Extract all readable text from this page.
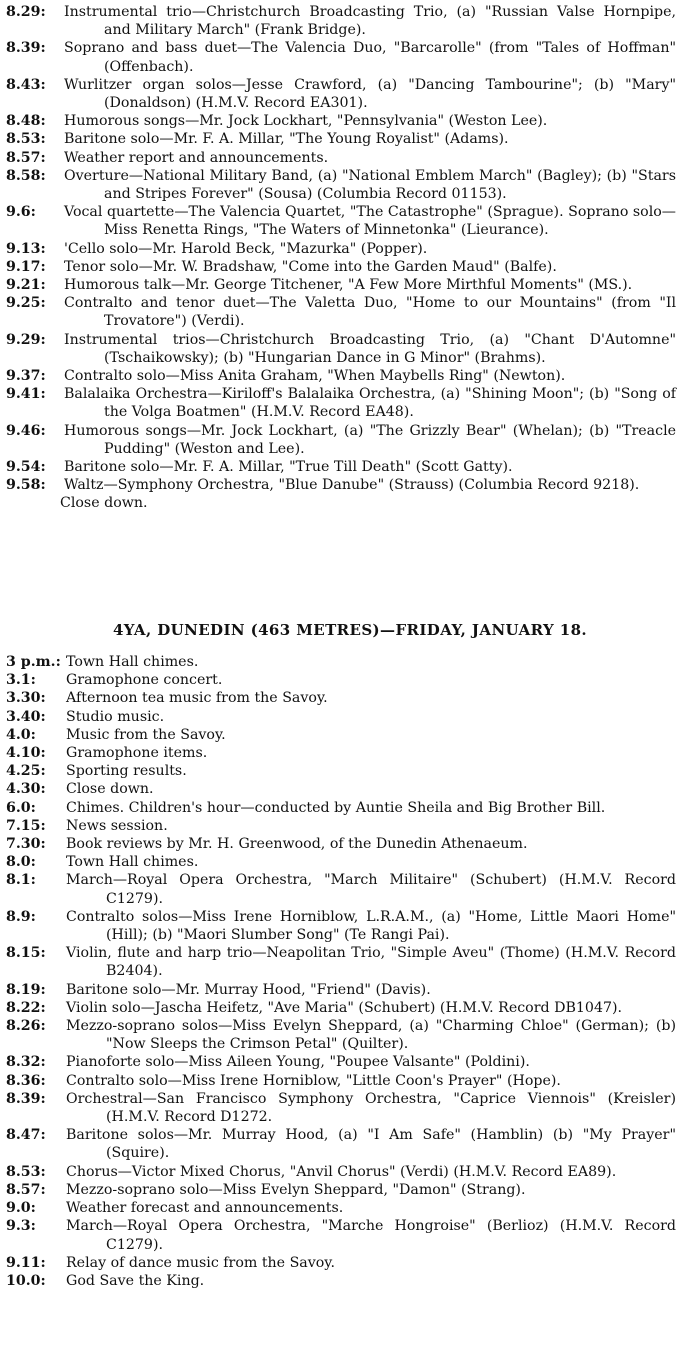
8.29:	Instrumental trio—Christchurch Broadcasting Trio, (a) "Russian Valse Hornpipe, and Military March" (Frank Bridge).
8.39:	Soprano and bass duet—The Valencia Duo, "Barcarolle" (from "Tales of Hoffman" (Offenbach).
8.43:	Wurlitzer organ solos—Jesse Crawford, (a) "Dancing Tambourine"; (b) "Mary" (Donaldson) (H.M.V. Record EA301).
8.48:	Humorous songs—Mr. Jock Lockhart, "Pennsylvania" (Weston Lee).
8.53:	Baritone solo—Mr. F. A. Millar, "The Young Royalist" (Adams).
8.57:	Weather report and announcements.
8.58:	Overture—National Military Band, (a) "National Emblem March" (Bagley); (b) "Stars and Stripes Forever" (Sousa) (Columbia Record 01153).
9.6:	Vocal quartette—The Valencia Quartet, "The Catastrophe" (Sprague). Soprano solo—Miss Renetta Rings, "The Waters of Minnetonka" (Lieurance).
9.13:	'Cello solo—Mr. Harold Beck, "Mazurka" (Popper).
9.17:	Tenor solo—Mr. W. Bradshaw, "Come into the Garden Maud" (Balfe).
9.21:	Humorous talk—Mr. George Titchener, "A Few More Mirthful Moments" (MS.).
9.25:	Contralto and tenor duet—The Valetta Duo, "Home to our Mountains" (from "Il Trovatore") (Verdi).
9.29:	Instrumental trios—Christchurch Broadcasting Trio, (a) "Chant D'Automne" (Tschaikowsky); (b) "Hungarian Dance in G Minor" (Brahms).
9.37:	Contralto solo—Miss Anita Graham, "When Maybells Ring" (Newton).
9.41:	Balalaika Orchestra—Kiriloff's Balalaika Orchestra, (a) "Shining Moon"; (b) "Song of the Volga Boatmen" (H.M.V. Record EA48).
9.46:	Humorous songs—Mr. Jock Lockhart, (a) "The Grizzly Bear" (Whelan); (b) "Treacle Pudding" (Weston and Lee).
9.54:	Baritone solo—Mr. F. A. Millar, "True Till Death" (Scott Gatty).
9.58:	Waltz—Symphony Orchestra, "Blue Danube" (Strauss) (Columbia Record 9218).
Close down.
4YA, DUNEDIN (463 METRES)—FRIDAY, JANUARY 18.
3 p.m.: Town Hall chimes.
3.1:	Gramophone concert.
3.30:	Afternoon tea music from the Savoy.
3.40:	Studio music.
4.0:	Music from the Savoy.
4.10:	Gramophone items.
4.25:	Sporting results.
4.30:	Close down.
6.0:	Chimes. Children's hour—conducted by Auntie Sheila and Big Brother Bill.
7.15:	News session.
7.30:	Book reviews by Mr. H. Greenwood, of the Dunedin Athenaeum.
8.0:	Town Hall chimes.
8.1:	March—Royal Opera Orchestra, "March Militaire" (Schubert) (H.M.V. Record C1279).
8.9:	Contralto solos—Miss Irene Horniblow, L.R.A.M., (a) "Home, Little Maori Home" (Hill); (b) "Maori Slumber Song" (Te Rangi Pai).
8.15:	Violin, flute and harp trio—Neapolitan Trio, "Simple Aveu" (Thome) (H.M.V. Record B2404).
8.19:	Baritone solo—Mr. Murray Hood, "Friend" (Davis).
8.22:	Violin solo—Jascha Heifetz, "Ave Maria" (Schubert) (H.M.V. Record DB1047).
8.26:	Mezzo-soprano solos—Miss Evelyn Sheppard, (a) "Charming Chloe" (German); (b) "Now Sleeps the Crimson Petal" (Quilter).
8.32:	Pianoforte solo—Miss Aileen Young, "Poupee Valsante" (Poldini).
8.36:	Contralto solo—Miss Irene Horniblow, "Little Coon's Prayer" (Hope).
8.39:	Orchestral—San Francisco Symphony Orchestra, "Caprice Viennois" (Kreisler) (H.M.V. Record D1272.
8.47:	Baritone solos—Mr. Murray Hood, (a) "I Am Safe" (Hamblin) (b) "My Prayer" (Squire).
8.53:	Chorus—Victor Mixed Chorus, "Anvil Chorus" (Verdi) (H.M.V. Record EA89).
8.57:	Mezzo-soprano solo—Miss Evelyn Sheppard, "Damon" (Strang).
9.0:	Weather forecast and announcements.
9.3:	March—Royal Opera Orchestra, "Marche Hongroise" (Berlioz) (H.M.V. Record C1279).
9.11:	Relay of dance music from the Savoy.
10.0:	God Save the King.
